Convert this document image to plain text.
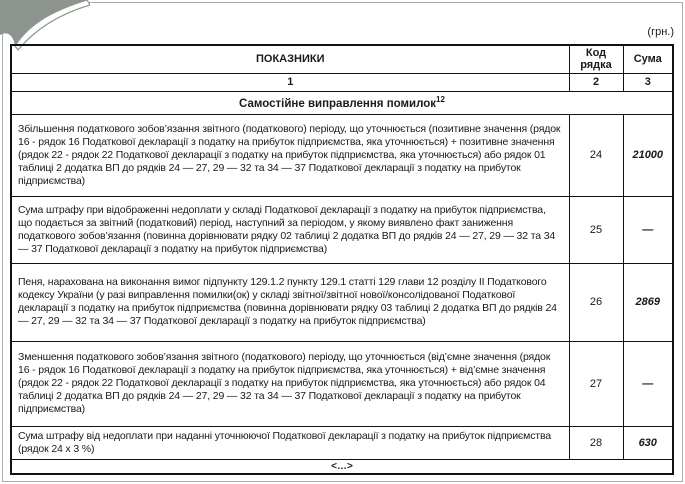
(грн.)
ПОКАЗНИКИ	Код рядка	Сума
1	2	3
Самостійне виправлення помилок$^{12}$
Збільшення податкового зобов’язання звітного (податкового) періоду, що уточнюється (позитивне значення (рядок 16 - рядок 16 Податкової декларації з податку на прибуток підприємства, яка уточнюється) + позитивне значення (рядок 22 - рядок 22 Податкової декларації з податку на прибуток підприємства, яка уточнюється) або рядок 01 таблиці 2 додатка ВП до рядків 24 — 27, 29 — 32 та 34 — 37 Податкової декларації з податку на прибуток підприємства)	24	21000
Сума штрафу при відображенні недоплати у складі Податкової декларації з податку на прибуток підприємства, що подається за звітний (податковий) період, наступний за періодом, у якому виявлено факт заниження податкового зобов’язання (повинна дорівнювати рядку 02 таблиці 2 додатка ВП до рядків 24 — 27, 29 — 32 та 34 — 37 Податкової декларації з податку на прибуток підприємства)	25	—
Пеня, нарахована на виконання вимог підпункту 129.1.2 пункту 129.1 статті 129 глави 12 розділу II Податкового кодексу України (у разі виправлення помилки(ок) у складі звітної/звітної нової/консолідованої Податкової декларації з податку на прибуток підприємства (повинна дорівнювати рядку 03 таблиці 2 додатка ВП до рядків 24 — 27, 29 — 32 та 34 — 37 Податкової декларації з податку на прибуток підприємства)	26	2869
Зменшення податкового зобов’язання звітного (податкового) періоду, що уточнюється (від’ємне значення (рядок 16 - рядок 16 Податкової декларації з податку на прибуток підприємства, яка уточнюється) + від’ємне значення (рядок 22 - рядок 22 Податкової декларації з податку на прибуток підприємства, яка уточнюється) або рядок 04 таблиці 2 додатка ВП до рядків 24 — 27, 29 — 32 та 34 — 37 Податкової декларації з податку на прибуток підприємства)	27	—
Сума штрафу від недоплати при наданні уточнюючої Податкової декларації з податку на прибуток підприємства (рядок 24 х 3 %)	28	630
<…>		
